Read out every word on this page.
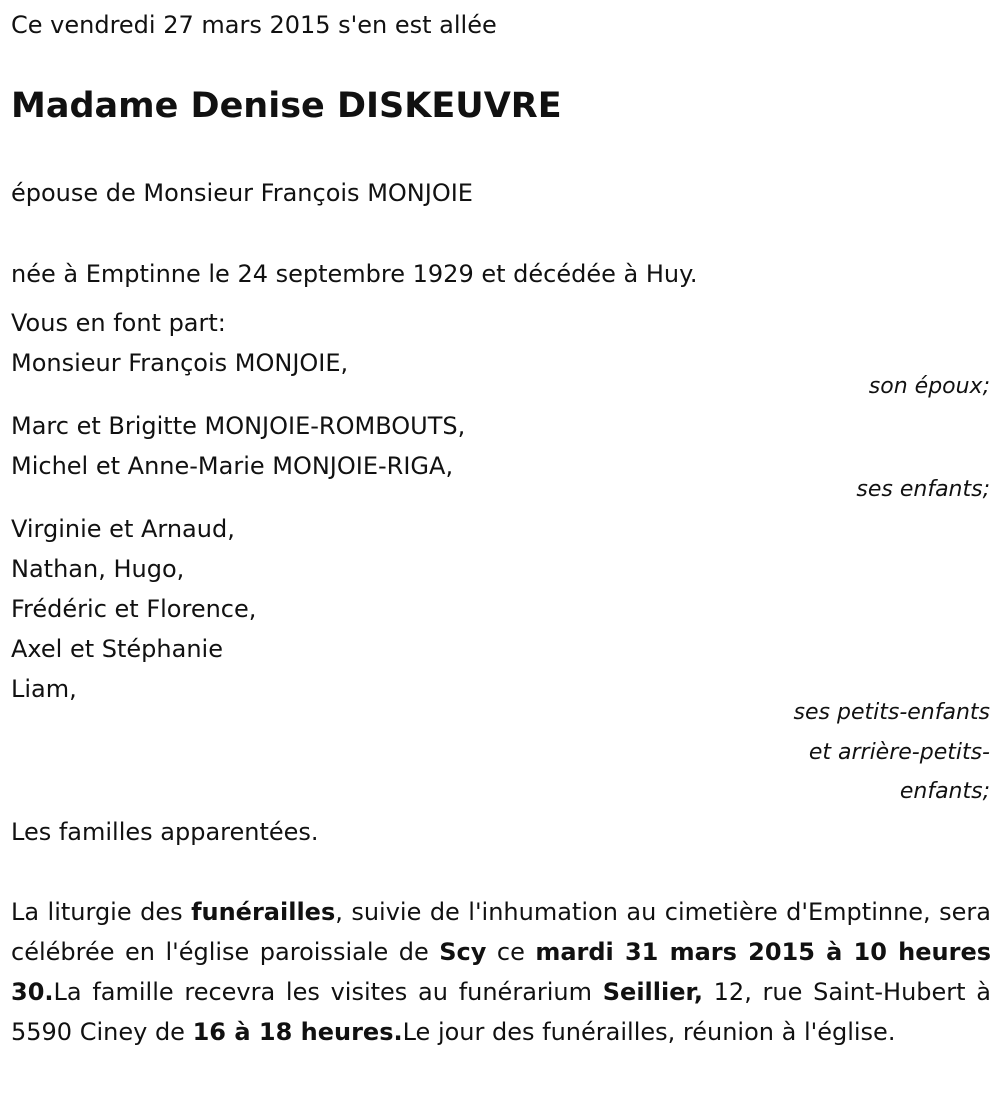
Ce vendredi 27 mars 2015 s'en est allée
Madame Denise DISKEUVRE
épouse de Monsieur François MONJOIE
née à Emptinne le 24 septembre 1929 et décédée à Huy.
Vous en font part:
Monsieur François MONJOIE,
son époux;
Marc et Brigitte MONJOIE-ROMBOUTS,
Michel et Anne-Marie MONJOIE-RIGA,
ses enfants;
Virginie et Arnaud,
Nathan, Hugo,
Frédéric et Florence,
Axel et Stéphanie
Liam,
ses petits-enfants
et arrière-petits-
enfants;
Les familles apparentées.
La liturgie des funérailles, suivie de l'inhumation au cimetière d'Emptinne, sera célébrée en l'église paroissiale de Scy ce mardi 31 mars 2015 à 10 heures 30.La famille recevra les visites au funérarium Seillier, 12, rue Saint-Hubert à 5590 Ciney de 16 à 18 heures.Le jour des funérailles, réunion à l'église.
